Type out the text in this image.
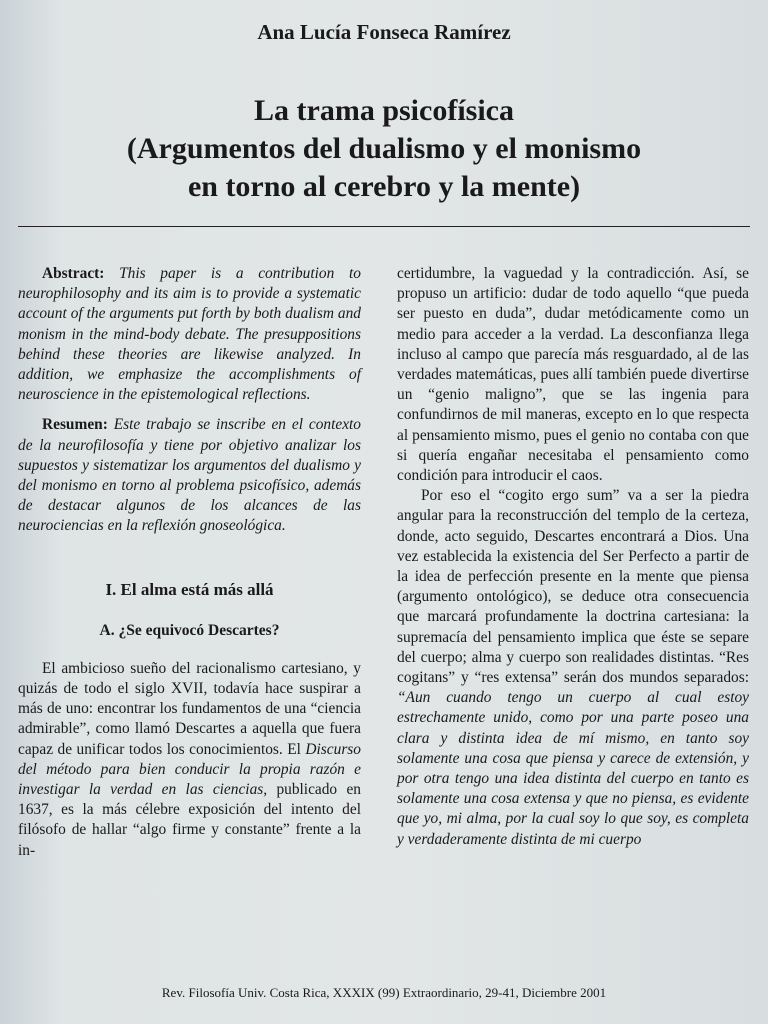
Ana Lucía Fonseca Ramírez
La trama psicofísica
(Argumentos del dualismo y el monismo
en torno al cerebro y la mente)

Abstract: This paper is a contribution to neurophilosophy and its aim is to provide a systematic account of the arguments put forth by both dualism and monism in the mind-body debate. The presuppositions behind these theories are likewise analyzed. In addition, we emphasize the accomplishments of neuroscience in the epistemological reflections.

Resumen: Este trabajo se inscribe en el contexto de la neurofilosofía y tiene por objetivo analizar los supuestos y sistematizar los argumentos del dualismo y del monismo en torno al problema psicofísico, además de destacar algunos de los alcances de las neurociencias en la reflexión gnoseológica.

I. El alma está más allá
A. ¿Se equivocó Descartes?

El ambicioso sueño del racionalismo cartesiano, y quizás de todo el siglo XVII, todavía hace suspirar a más de uno: encontrar los fundamentos de una “ciencia admirable”, como llamó Descartes a aquella que fuera capaz de unificar todos los conocimientos. El Discurso del método para bien conducir la propia razón e investigar la verdad en las ciencias, publicado en 1637, es la más célebre exposición del intento del filósofo de hallar “algo firme y constante” frente a la in-

certidumbre, la vaguedad y la contradicción. Así, se propuso un artificio: dudar de todo aquello “que pueda ser puesto en duda”, dudar metódicamente como un medio para acceder a la verdad. La desconfianza llega incluso al campo que parecía más resguardado, al de las verdades matemáticas, pues allí también puede divertirse un “genio maligno”, que se las ingenia para confundirnos de mil maneras, excepto en lo que respecta al pensamiento mismo, pues el genio no contaba con que si quería engañar necesitaba el pensamiento como condición para introducir el caos.

Por eso el “cogito ergo sum” va a ser la piedra angular para la reconstrucción del templo de la certeza, donde, acto seguido, Descartes encontrará a Dios. Una vez establecida la existencia del Ser Perfecto a partir de la idea de perfección presente en la mente que piensa (argumento ontológico), se deduce otra consecuencia que marcará profundamente la doctrina cartesiana: la supremacía del pensamiento implica que éste se separe del cuerpo; alma y cuerpo son realidades distintas. “Res cogitans” y “res extensa” serán dos mundos separados: “Aun cuando tengo un cuerpo al cual estoy estrechamente unido, como por una parte poseo una clara y distinta idea de mí mismo, en tanto soy solamente una cosa que piensa y carece de extensión, y por otra tengo una idea distinta del cuerpo en tanto es solamente una cosa extensa y que no piensa, es evidente que yo, mi alma, por la cual soy lo que soy, es completa y verdaderamente distinta de mi cuerpo

Rev. Filosofía Univ. Costa Rica, XXXIX (99) Extraordinario, 29-41, Diciembre 2001
